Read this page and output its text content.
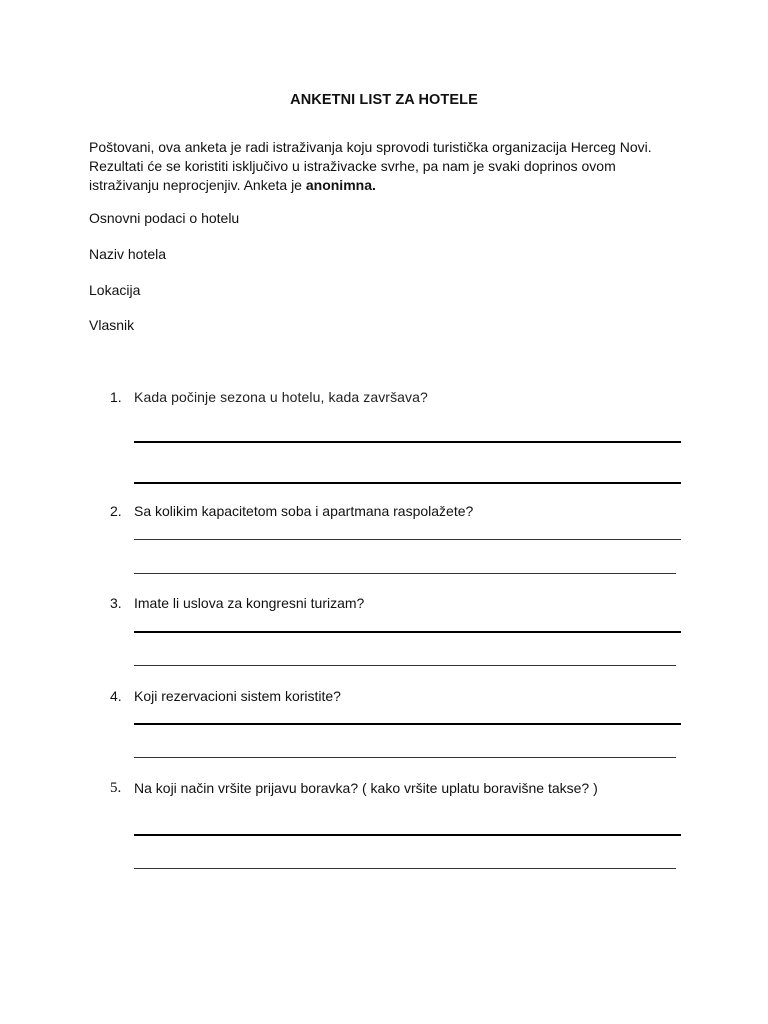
ANKETNI LIST ZA HOTELE
Poštovani, ova anketa je radi istraživanja koju sprovodi turistička organizacija Herceg Novi. Rezultati će se koristiti isključivo u istraživacke svrhe, pa nam je svaki doprinos ovom istraživanju neprocjenjiv. Anketa je anonimna.
Osnovni podaci o hotelu
Naziv hotela
Lokacija
Vlasnik
1. Kada počinje sezona u hotelu, kada završava?
2. Sa kolikim kapacitetom soba i apartmana raspolažete?
3. Imate li uslova za kongresni turizam?
4. Koji rezervacioni sistem koristite?
5. Na koji način vršite prijavu boravka? ( kako vršite uplatu boravišne takse? )
